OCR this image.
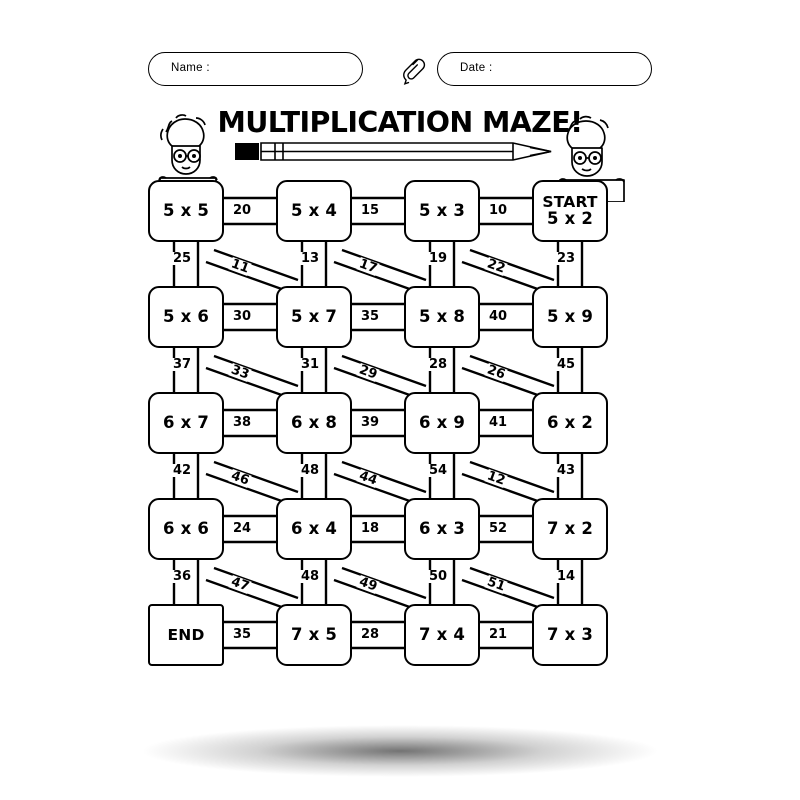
Name :	Date :
MULTIPLICATION MAZE!
5 x 5	5 x 4	5 x 3	START
5 x 2
20	15	10
25	11	13	17	19	22	23
5 x 6	5 x 7	5 x 8	5 x 9
30	35	40
37	33	31	29	28	26	45
6 x 7	6 x 8	6 x 9	6 x 2
38	39	41
42	46	48	44	54	12	43
6 x 6	6 x 4	6 x 3	7 x 2
24	18	52
36	47	48	49	50	51	14
END	7 x 5	7 x 4	7 x 3
35	28	21
